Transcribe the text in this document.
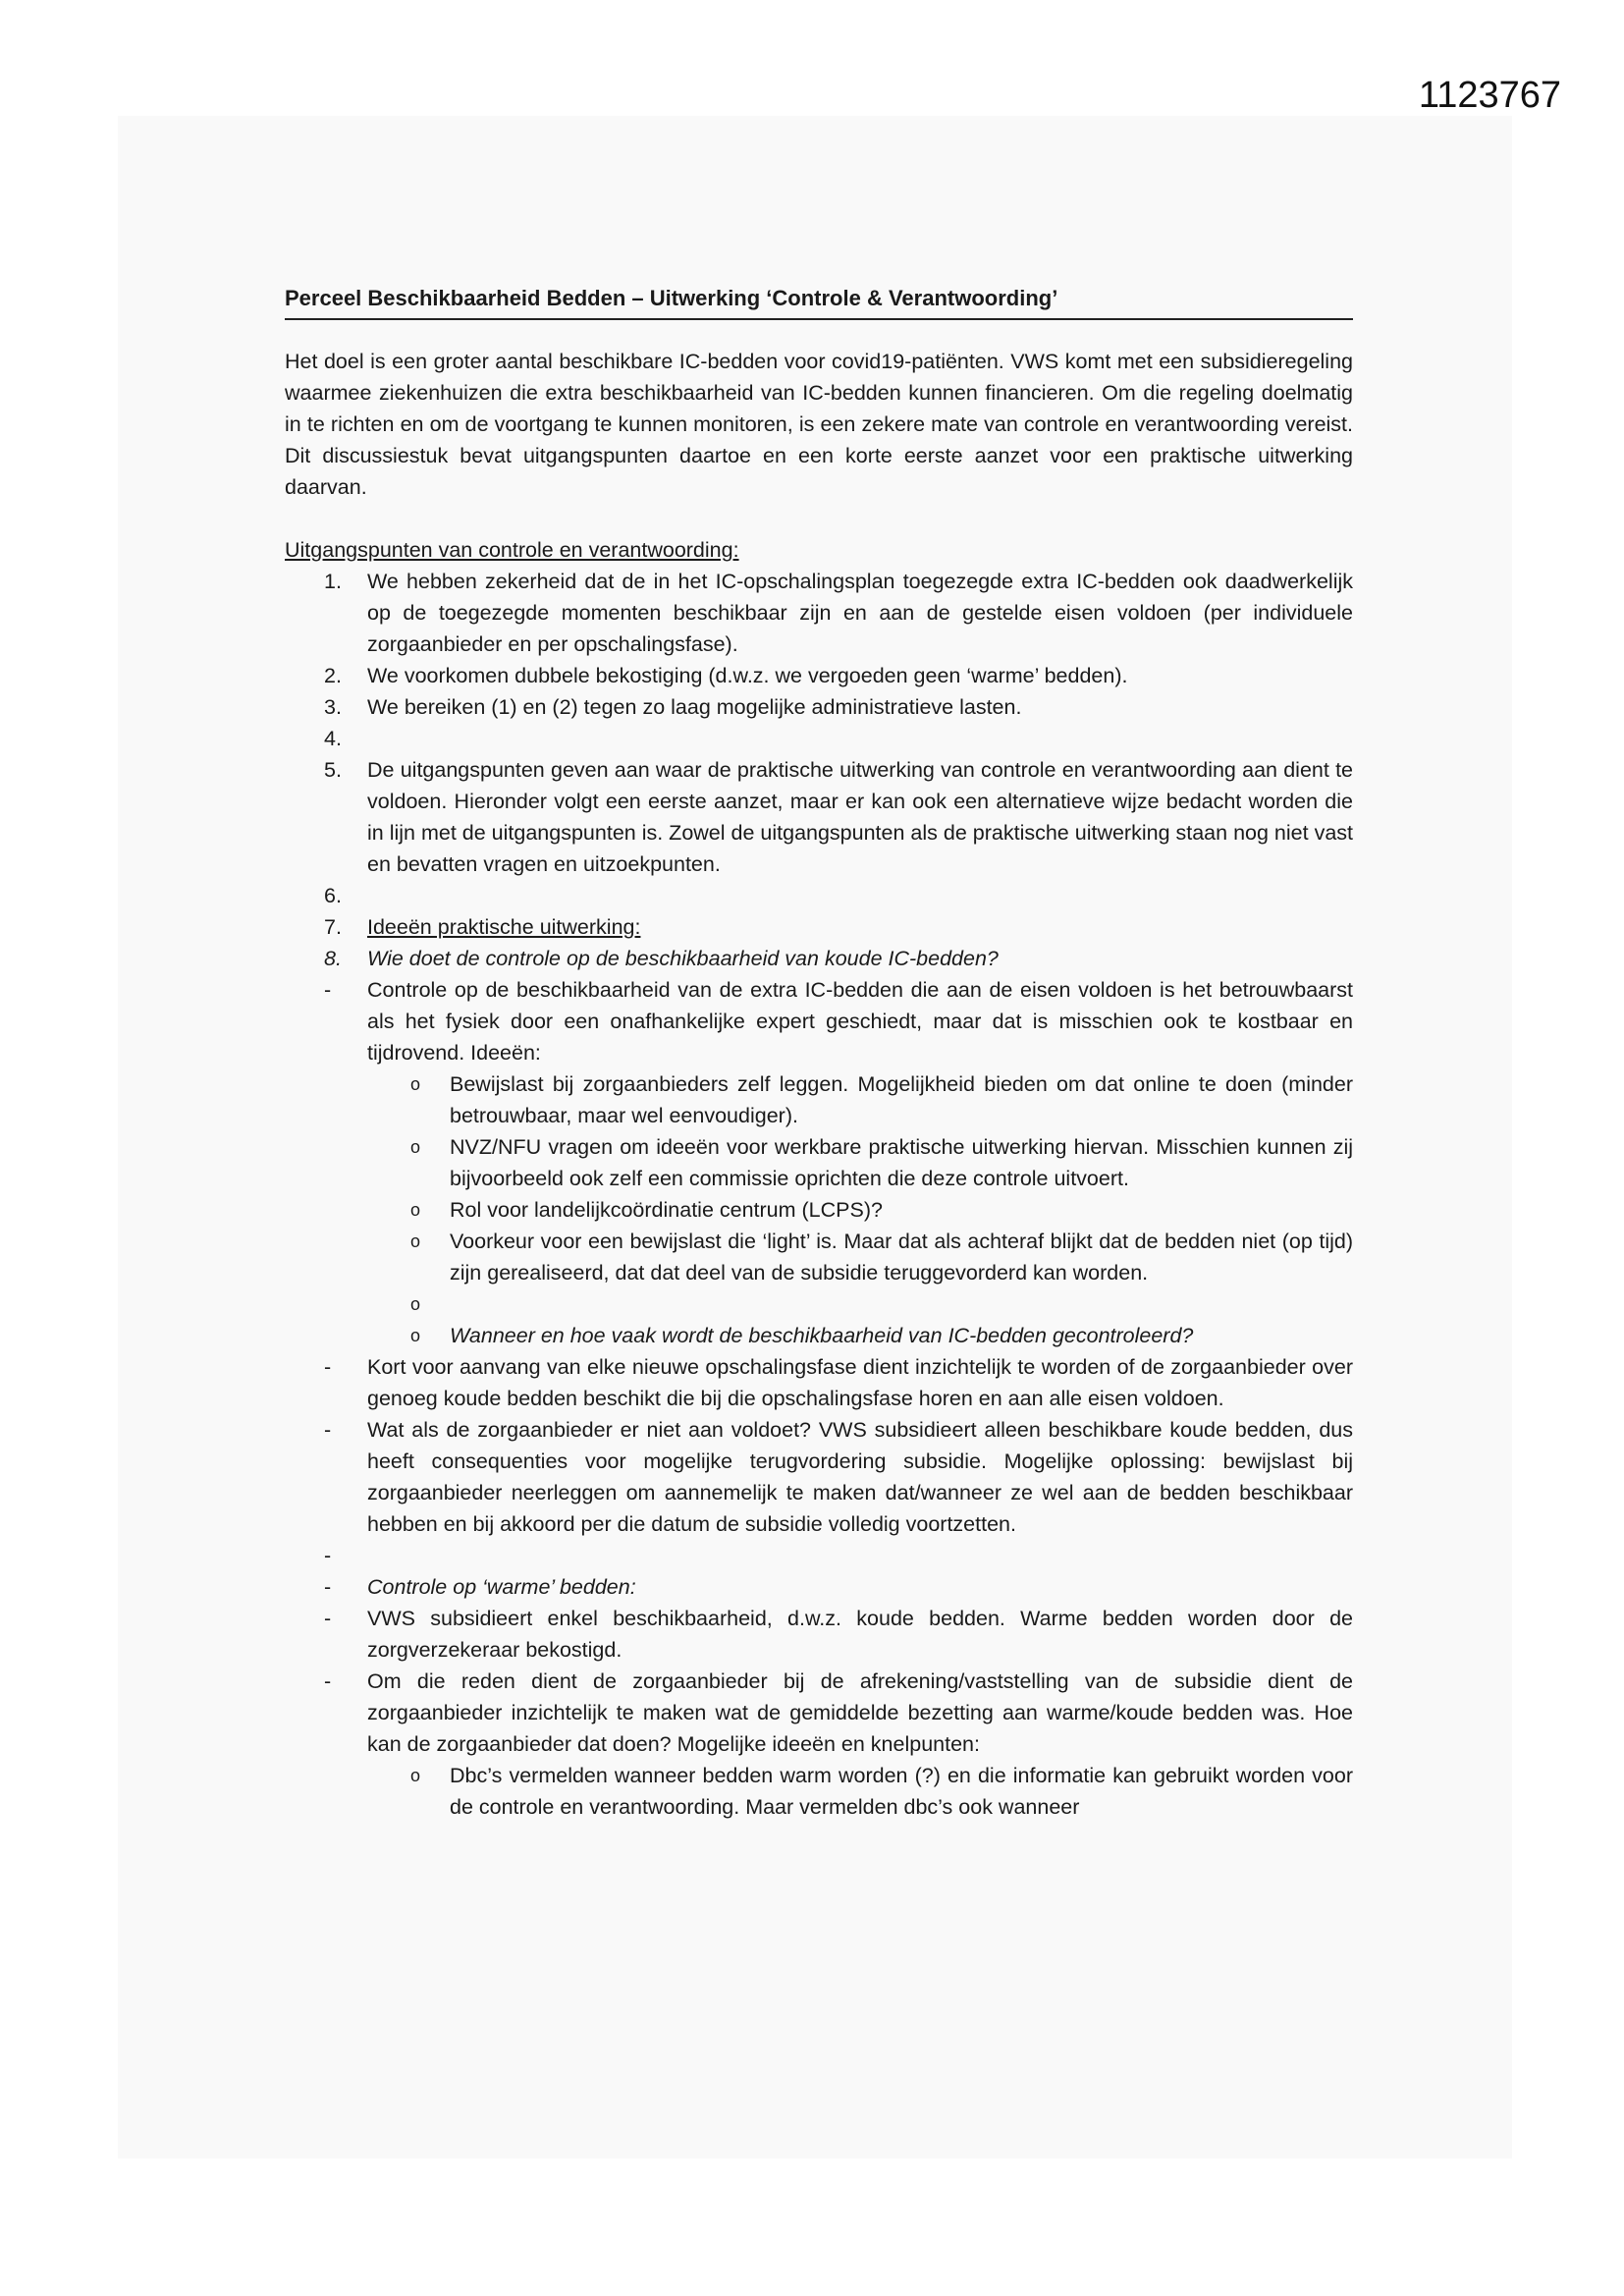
1123767
Perceel Beschikbaarheid Bedden – Uitwerking ‘Controle & Verantwoording’

Het doel is een groter aantal beschikbare IC-bedden voor covid19-patiënten. VWS komt met een subsidieregeling waarmee ziekenhuizen die extra beschikbaarheid van IC-bedden kunnen financieren. Om die regeling doelmatig in te richten en om de voortgang te kunnen monitoren, is een zekere mate van controle en verantwoording vereist. Dit discussiestuk bevat uitgangspunten daartoe en een korte eerste aanzet voor een praktische uitwerking daarvan.

Uitgangspunten van controle en verantwoording:
1.	We hebben zekerheid dat de in het IC-opschalingsplan toegezegde extra IC-bedden ook daadwerkelijk op de toegezegde momenten beschikbaar zijn en aan de gestelde eisen voldoen (per individuele zorgaanbieder en per opschalingsfase).
2.	We voorkomen dubbele bekostiging (d.w.z. we vergoeden geen ‘warme’ bedden).
3.	We bereiken (1) en (2) tegen zo laag mogelijke administratieve lasten.
4.

5.	De uitgangspunten geven aan waar de praktische uitwerking van controle en verantwoording aan dient te voldoen. Hieronder volgt een eerste aanzet, maar er kan ook een alternatieve wijze bedacht worden die in lijn met de uitgangspunten is. Zowel de uitgangspunten als de praktische uitwerking staan nog niet vast en bevatten vragen en uitzoekpunten.
6.

7.	Ideeën praktische uitwerking:
8.	Wie doet de controle op de beschikbaarheid van koude IC-bedden?
-	Controle op de beschikbaarheid van de extra IC-bedden die aan de eisen voldoen is het betrouwbaarst als het fysiek door een onafhankelijke expert geschiedt, maar dat is misschien ook te kostbaar en tijdrovend. Ideeën:
o	Bewijslast bij zorgaanbieders zelf leggen. Mogelijkheid bieden om dat online te doen (minder betrouwbaar, maar wel eenvoudiger).
o	NVZ/NFU vragen om ideeën voor werkbare praktische uitwerking hiervan. Misschien kunnen zij bijvoorbeeld ook zelf een commissie oprichten die deze controle uitvoert.
o	Rol voor landelijkcoördinatie centrum (LCPS)?
o	Voorkeur voor een bewijslast die ‘light’ is. Maar dat als achteraf blijkt dat de bedden niet (op tijd) zijn gerealiseerd, dat dat deel van de subsidie teruggevorderd kan worden.
o

o	Wanneer en hoe vaak wordt de beschikbaarheid van IC-bedden gecontroleerd?
-	Kort voor aanvang van elke nieuwe opschalingsfase dient inzichtelijk te worden of de zorgaanbieder over genoeg koude bedden beschikt die bij die opschalingsfase horen en aan alle eisen voldoen.
-	Wat als de zorgaanbieder er niet aan voldoet? VWS subsidieert alleen beschikbare koude bedden, dus heeft consequenties voor mogelijke terugvordering subsidie. Mogelijke oplossing: bewijslast bij zorgaanbieder neerleggen om aannemelijk te maken dat/wanneer ze wel aan de bedden beschikbaar hebben en bij akkoord per die datum de subsidie volledig voortzetten.
-

-	Controle op ‘warme’ bedden:
-	VWS subsidieert enkel beschikbaarheid, d.w.z. koude bedden. Warme bedden worden door de zorgverzekeraar bekostigd.
-	Om die reden dient de zorgaanbieder bij de afrekening/vaststelling van de subsidie dient de zorgaanbieder inzichtelijk te maken wat de gemiddelde bezetting aan warme/koude bedden was. Hoe kan de zorgaanbieder dat doen? Mogelijke ideeën en knelpunten:
o	Dbc’s vermelden wanneer bedden warm worden (?) en die informatie kan gebruikt worden voor de controle en verantwoording. Maar vermelden dbc’s ook wanneer
